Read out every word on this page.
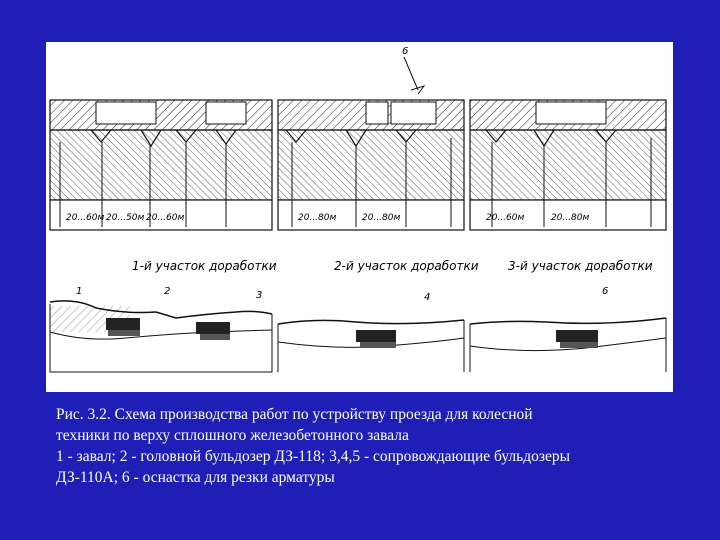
20...60м 20...50м 20...60м	20...80м	20...80м	20...60м	20...80м
6
1-й участок доработки	2-й участок доработки 3-й участок доработки
1	2	3	4
6
Рис. 3.2. Схема производства работ по устройству проезда для колесной
техники по верху сплошного железобетонного завала
1 - завал; 2 - головной бульдозер ДЗ-118; 3,4,5 - сопровождающие бульдозеры
ДЗ-110А; 6 - оснастка для резки арматуры
